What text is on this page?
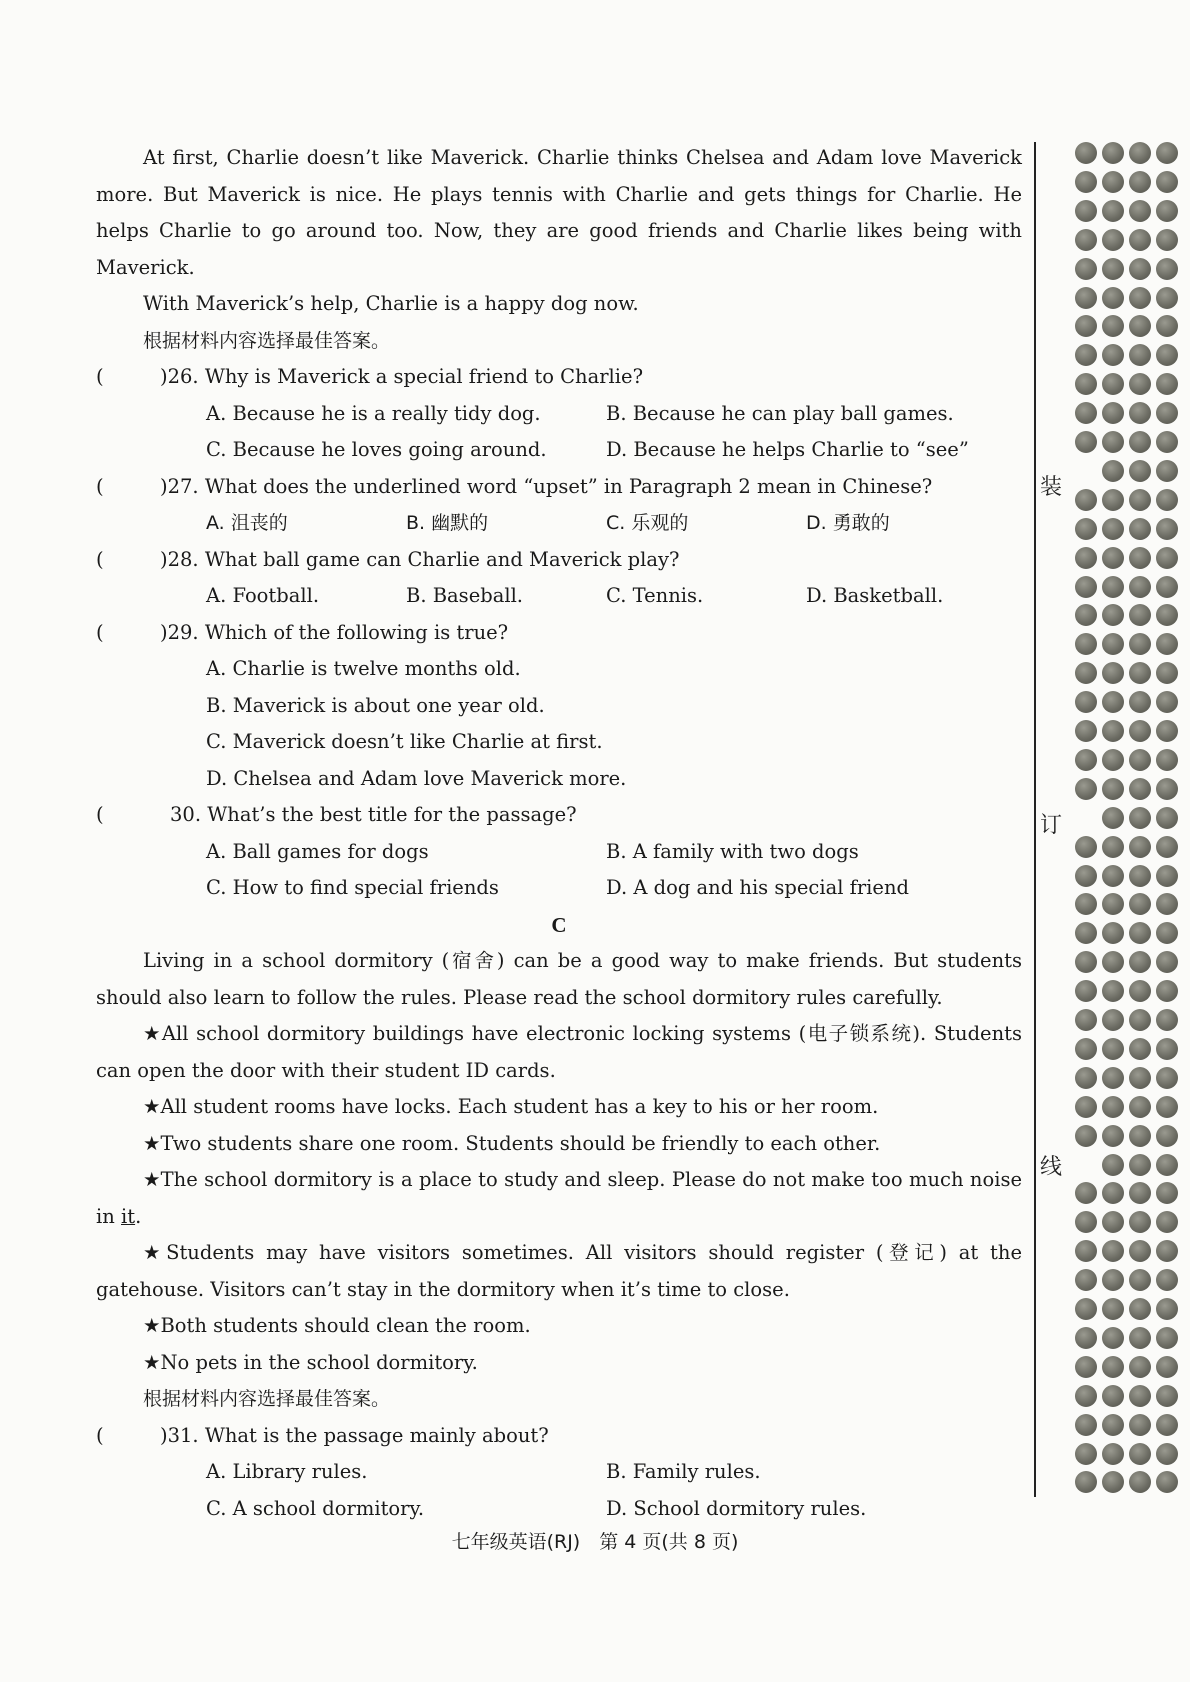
At first, Charlie doesn’t like Maverick. Charlie thinks Chelsea and Adam love Maverick more. But Maverick is nice. He plays tennis with Charlie and gets things for Charlie. He helps Charlie to go around too. Now, they are good friends and Charlie likes being with Maverick.

With Maverick’s help, Charlie is a happy dog now.

根据材料内容选择最佳答案。

(	)26. Why is Maverick a special friend to Charlie?
A. Because he is a really tidy dog.	B. Because he can play ball games.
C. Because he loves going around.	D. Because he helps Charlie to “see”
(	)27. What does the underlined word “upset” in Paragraph 2 mean in Chinese?
A. 沮丧的	B. 幽默的	C. 乐观的	D. 勇敢的
(	)28. What ball game can Charlie and Maverick play?
A. Football.	B. Baseball.	C. Tennis.	D. Basketball.
(	)29. Which of the following is true?
A. Charlie is twelve months old.
B. Maverick is about one year old.
C. Maverick doesn’t like Charlie at first.
D. Chelsea and Adam love Maverick more.
(	30. What’s the best title for the passage?
A. Ball games for dogs	B. A family with two dogs
C. How to find special friends	D. A dog and his special friend

C

Living in a school dormitory (宿舍) can be a good way to make friends. But students should also learn to follow the rules. Please read the school dormitory rules carefully.

★All school dormitory buildings have electronic locking systems (电子锁系统). Students can open the door with their student ID cards.

★All student rooms have locks. Each student has a key to his or her room.

★Two students share one room. Students should be friendly to each other.

★The school dormitory is a place to study and sleep. Please do not make too much noise in it.

★Students may have visitors sometimes. All visitors should register (登记) at the gatehouse. Visitors can’t stay in the dormitory when it’s time to close.

★Both students should clean the room.

★No pets in the school dormitory.

根据材料内容选择最佳答案。

(	)31. What is the passage mainly about?
A. Library rules.	B. Family rules.
C. A school dormitory.	D. School dormitory rules.
装
订
线
七年级英语(RJ)　第 4 页(共 8 页)
